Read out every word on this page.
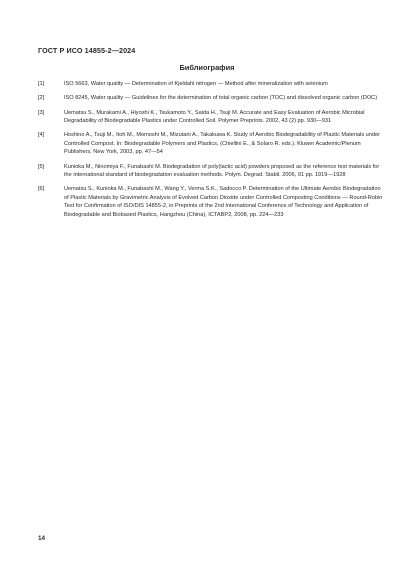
ГОСТ Р ИСО 14855-2—2024
Библиография
[1]	ISO 5663, Water quality — Determination of Kjeldahl nitrogen — Method after mineralization with selenium
[2]	ISO 8245, Water quality — Guidelines for the determination of total organic carbon (TOC) and dissolved organic carbon (DOC)
[3]	Uematsu S., Murakami A., Hiyoshi K., Tsukamoto Y., Saida H., Tsuji M. Accurate and Easy Evaluation of Aerobic Microbial Degradability of Biodegradable Plastics under Controlled Soil. Polymer Preprints. 2002, 43 (2) pp. 930—931
[4]	Hoshino A., Tsuji M., Itoh M., Momoshi M., Mizutani A., Takakuwa K. Study of Aerobic Biodegradability of Plastic Materials under Controlled Compost. In: Biodegradable Polymers and Plastics, (Chiellini E., & Solaro R. eds.). Kluwer Academic/Plenum Publishers, New York, 2003, pp. 47—54
[5]	Kunioka M., Ninomiya F., Funabashi M. Biodegradation of poly(lactic acid) powders proposed as the reference test materials for the international standard of biodegradation evaluation methods. Polym. Degrad. Stabil. 2006, 91 pp. 1919—1928
[6]	Uematsu S., Kunioka M., Funabashi M., Wang Y., Verma S.K., Sadocco P. Determination of the Ultimate Aerobic Biodegradation of Plastic Materials by Gravimetric Analysis of Evolved Carbon Dioxide under Controlled Composting Conditions — Round-Robin Test for Confirmation of ISO/DIS 14855-2, in Preprints of the 2nd International Conference of Technology and Application of Biodegradable and Biobased Plastics, Hangzhou (China), ICTABP2, 2008, pp. 224—233
14
